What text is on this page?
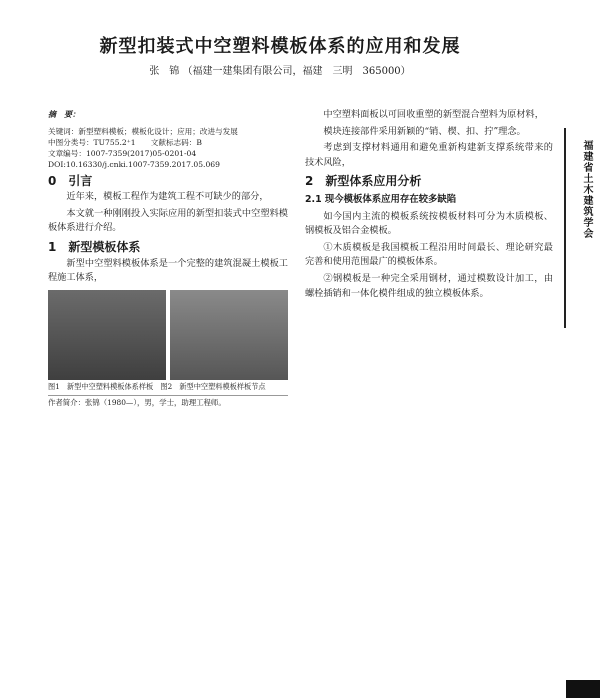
新型扣装式中空塑料模板体系的应用和发展
张　锦 （福建一建集团有限公司，福建　三明　365000）
摘　要：

关键词：新型塑料模板；模板化设计；应用；改进与发展

中图分类号：TU755.2⁺1　　文献标志码：B

文章编号：1007-7359(2017)05-0201-04

DOI:10.16330/j.cnki.1007-7359.2017.05.069

0　引言

近年来，模板工程作为建筑工程不可缺少的部分，

本文就一种刚刚投入实际应用的新型扣装式中空塑料模板体系进行介绍。

1　新型模板体系

新型中空塑料模板体系是一个完整的建筑混凝土模板工程施工体系，

图1　新型中空塑料模板体系样板　图2　新型中空塑料模板样板节点
作者简介：张锦（1980—），男，学士，助理工程师。

中空塑料面板以可回收重塑的新型混合塑料为原材料，

模块连接部件采用新颖的“销、楔、扣、拧”理念。

考虑到支撑材料通用和避免重新构建新支撑系统带来的技术风险，

2　新型体系应用分析
2.1 现今模板体系应用存在较多缺陷

如今国内主流的模板系统按模板材料可分为木质模板、钢模板及铝合金模板。

①木质模板是我国模板工程沿用时间最长、理论研究最完善和使用范围最广的模板体系。

②钢模板是一种完全采用钢材，通过模数设计加工，由螺栓插销和一体化模件组成的独立模板体系。

福建省土木建筑学会
